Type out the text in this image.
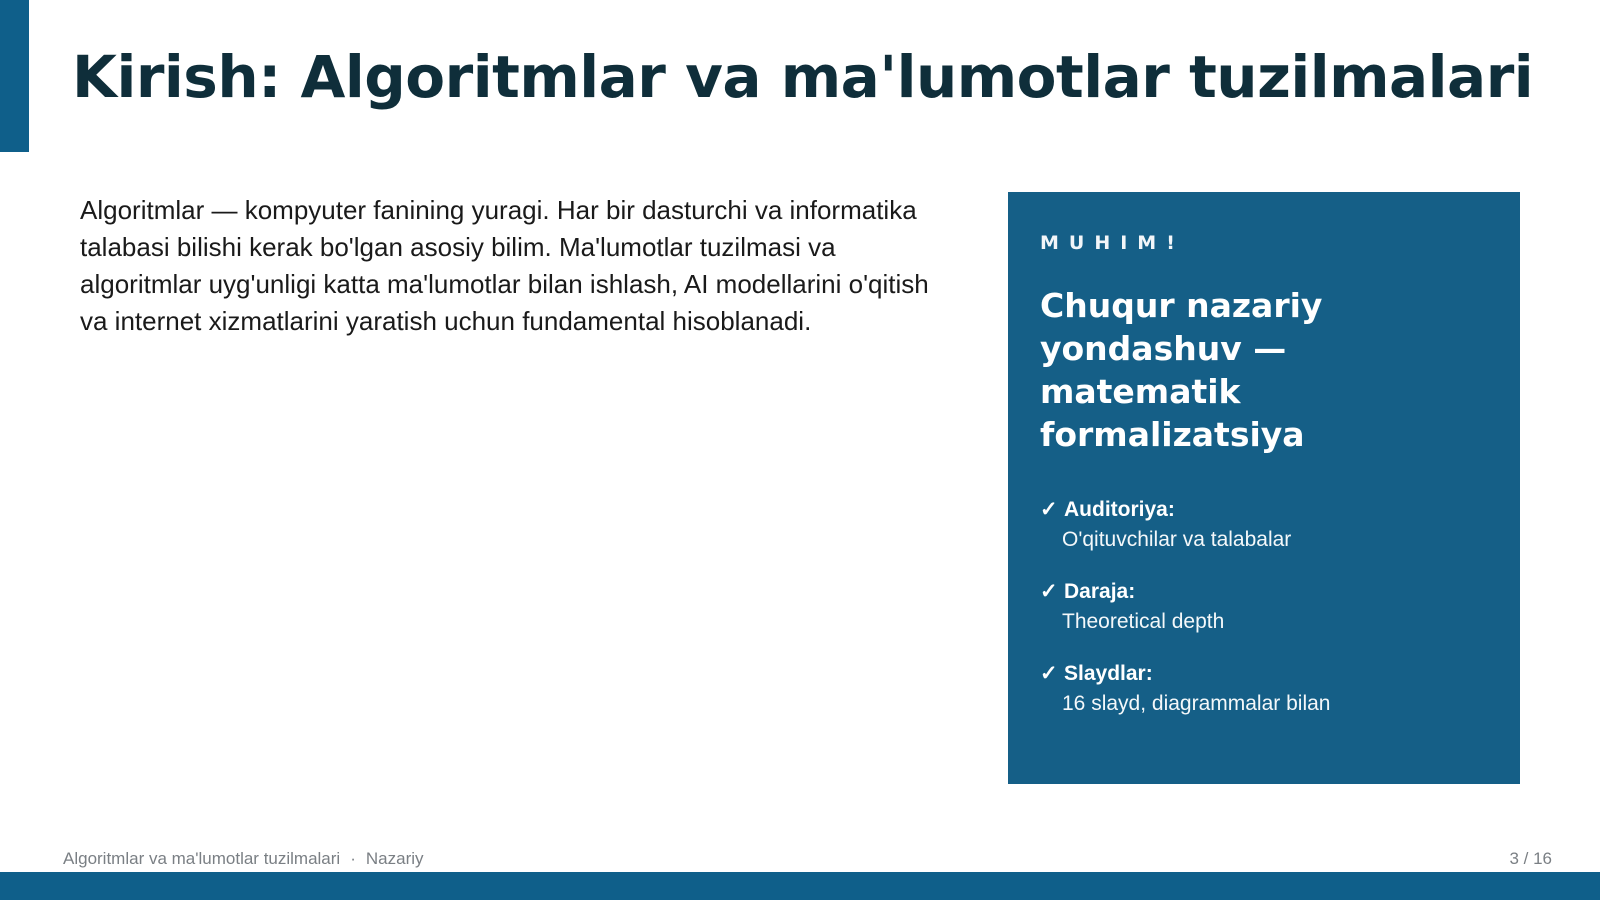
Kirish: Algoritmlar va ma'lumotlar tuzilmalari

Algoritmlar — kompyuter fanining yuragi. Har bir dasturchi va informatika talabasi bilishi kerak bo'lgan asosiy bilim. Ma'lumotlar tuzilmasi va algoritmlar uyg'unligi katta ma'lumotlar bilan ishlash, AI modellarini o'qitish va internet xizmatlarini yaratish uchun fundamental hisoblanadi.

MUHIM!

Chuqur nazariy yondashuv — matematik formalizatsiya
✓ Auditoriya:
O'qituvchilar va talabalar
✓ Daraja:
Theoretical depth
✓ Slaydlar:
16 slayd, diagrammalar bilan
Algoritmlar va ma'lumotlar tuzilmalari · Nazariy	3 / 16
